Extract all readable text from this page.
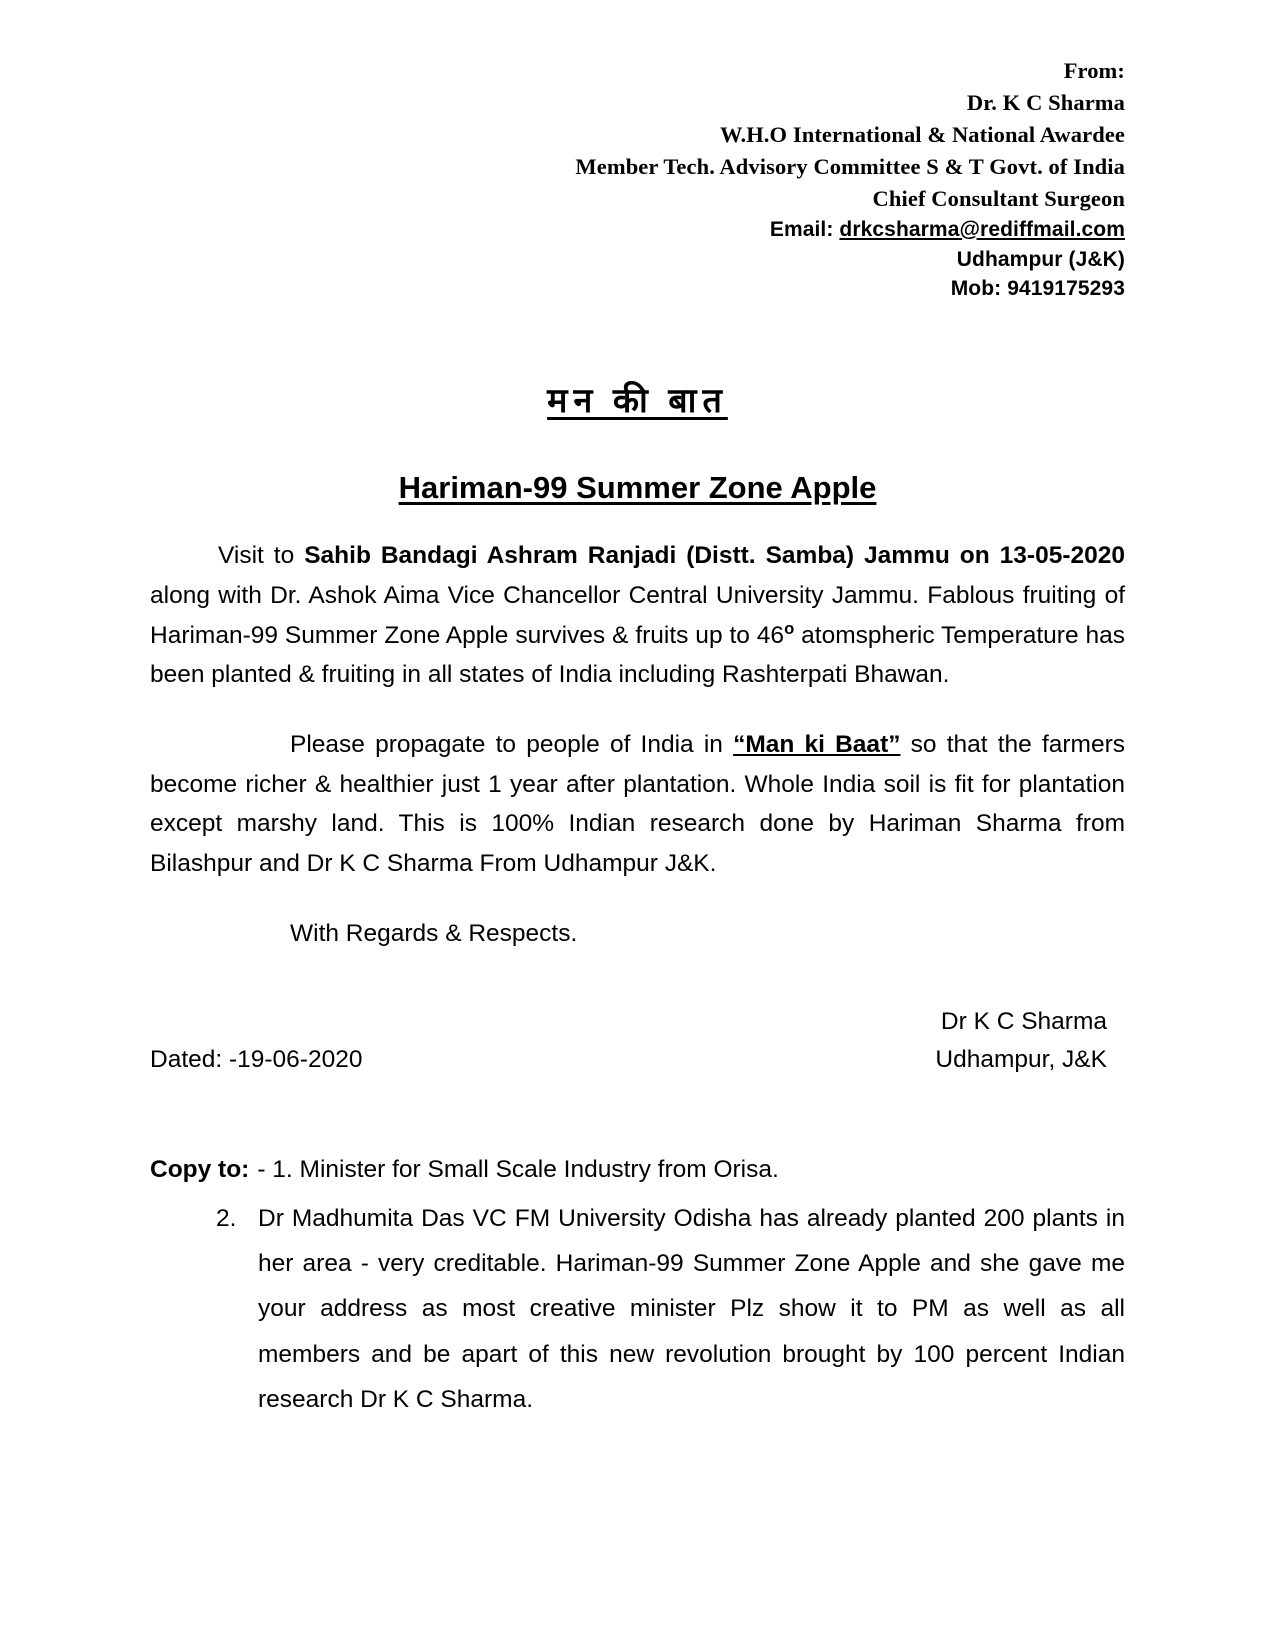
From:
Dr. K C Sharma
W.H.O International & National Awardee
Member Tech. Advisory Committee S & T Govt. of India
Chief Consultant Surgeon
Email: drkcsharma@rediffmail.com
Udhampur (J&K)
Mob: 9419175293
मन की बात
Hariman-99 Summer Zone Apple

Visit to Sahib Bandagi Ashram Ranjadi (Distt. Samba) Jammu on 13-05-2020 along with Dr. Ashok Aima Vice Chancellor Central University Jammu. Fablous fruiting of Hariman-99 Summer Zone Apple survives & fruits up to 46$^o$ atomspheric Temperature has been planted & fruiting in all states of India including Rashterpati Bhawan.

Please propagate to people of India in “Man ki Baat” so that the farmers become richer & healthier just 1 year after plantation. Whole India soil is fit for plantation except marshy land. This is 100% Indian research done by Hariman Sharma from Bilashpur and Dr K C Sharma From Udhampur J&K.

With Regards & Respects.

Dr K C Sharma
Dated: -19-06-2020	Udhampur, J&K
Copy to: - 1. Minister for Small Scale Industry from Orisa.
2. Dr Madhumita Das VC FM University Odisha has already planted 200 plants in her area - very creditable. Hariman-99 Summer Zone Apple and she gave me your address as most creative minister Plz show it to PM as well as all members and be apart of this new revolution brought by 100 percent Indian research Dr K C Sharma.
